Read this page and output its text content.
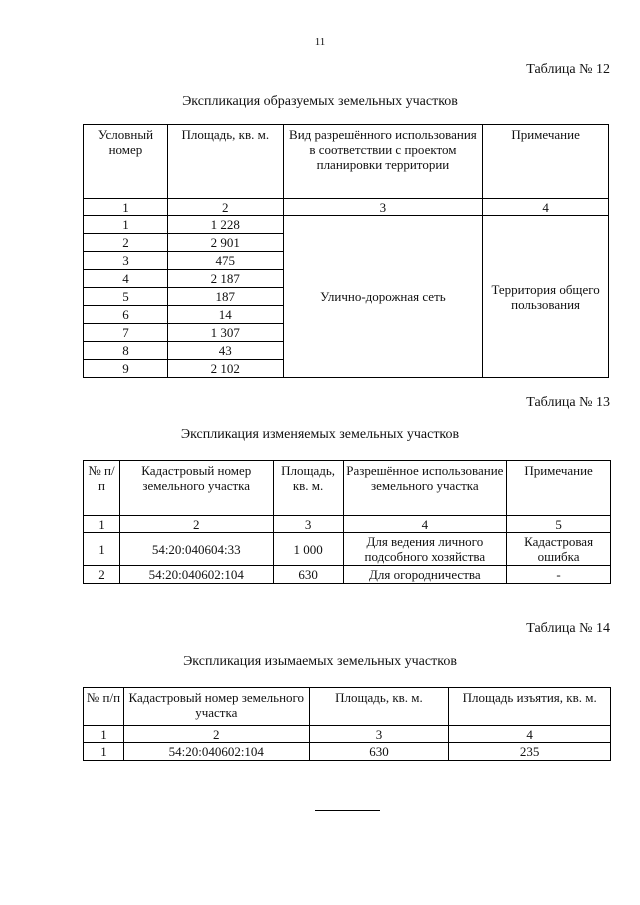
11
Таблица № 12
Экспликация образуемых земельных участков
Условный номер	Площадь, кв. м.	Вид разрешённого использования в соответствии с проектом планировки территории	Примечание
1	2	3	4
1	1 228	Улично-дорожная сеть	Территория общего пользования
2	2 901		
3	475		
4	2 187		
5	187		
6	14		
7	1 307		
8	43		
9	2 102		
Таблица № 13
Экспликация изменяемых земельных участков
№ п/п	Кадастровый номер земельного участка	Площадь, кв. м.	Разрешённое использование земельного участка	Примечание
1	2	3	4	5
1	54:20:040604:33	1 000	Для ведения личного подсобного хозяйства	Кадастровая ошибка
2	54:20:040602:104	630	Для огородничества	-
Таблица № 14
Экспликация изымаемых земельных участков
№ п/п	Кадастровый номер земельного участка	Площадь, кв. м.	Площадь изъятия, кв. м.
1	2	3	4
1	54:20:040602:104	630	235
